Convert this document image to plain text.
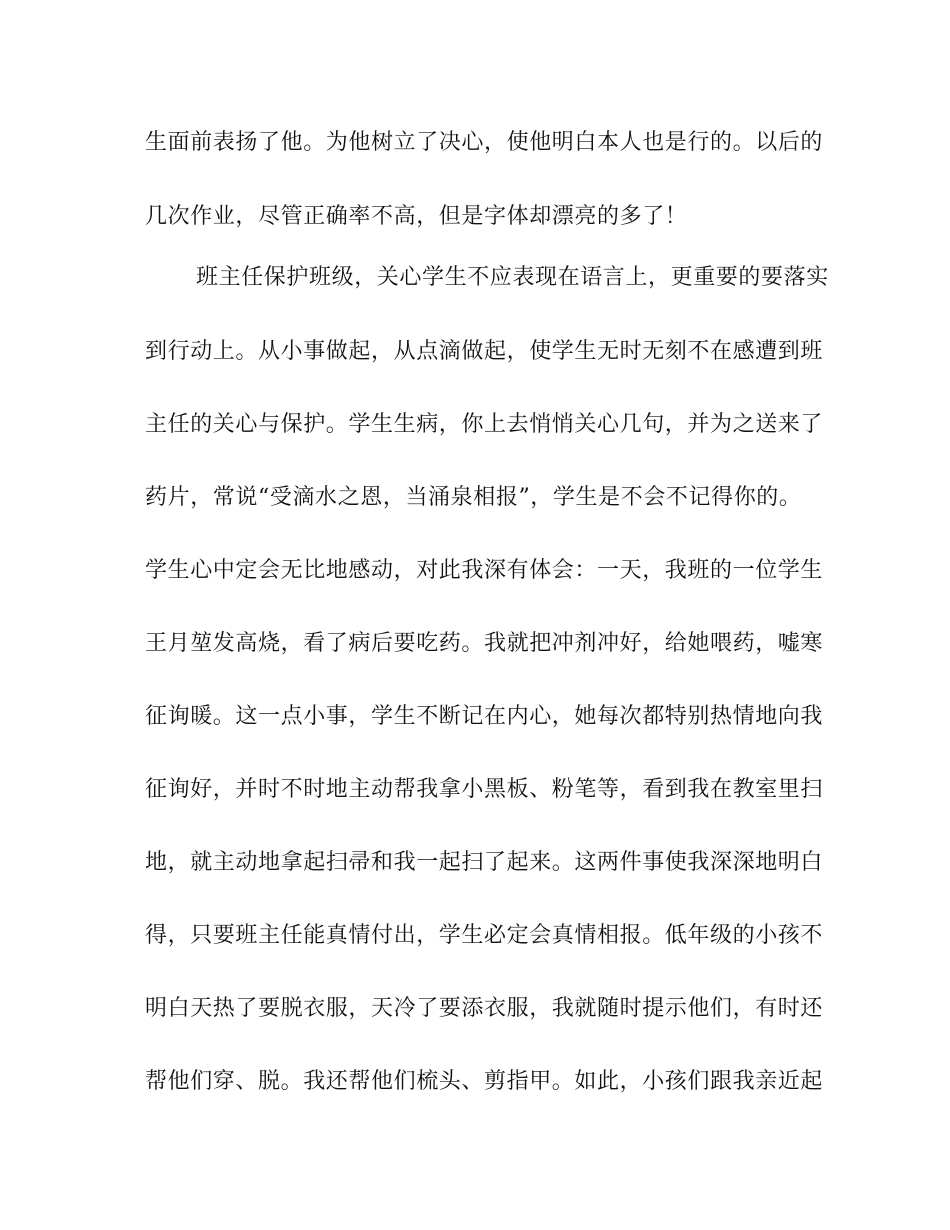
生面前表扬了他。为他树立了决心，使他明白本人也是行的。以后的
几次作业，尽管正确率不高，但是字体却漂亮的多了！
班主任保护班级，关心学生不应表现在语言上，更重要的要落实
到行动上。从小事做起，从点滴做起，使学生无时无刻不在感遭到班
主任的关心与保护。学生生病，你上去悄悄关心几句，并为之送来了
药片，常说“受滴水之恩，当涌泉相报”，学生是不会不记得你的。
学生心中定会无比地感动，对此我深有体会：一天，我班的一位学生
王月堃发高烧，看了病后要吃药。我就把冲剂冲好，给她喂药，嘘寒
征询暖。这一点小事，学生不断记在内心，她每次都特别热情地向我
征询好，并时不时地主动帮我拿小黑板、粉笔等，看到我在教室里扫
地，就主动地拿起扫帚和我一起扫了起来。这两件事使我深深地明白
得，只要班主任能真情付出，学生必定会真情相报。低年级的小孩不
明白天热了要脱衣服，天冷了要添衣服，我就随时提示他们，有时还
帮他们穿、脱。我还帮他们梳头、剪指甲。如此，小孩们跟我亲近起
